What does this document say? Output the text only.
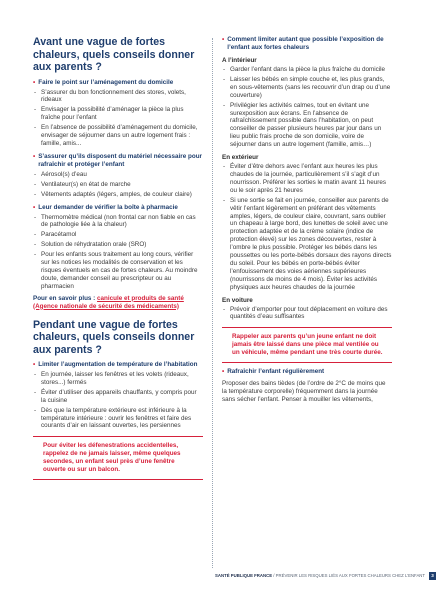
Avant une vague de fortes chaleurs, quels conseils donner aux parents ?
• Faire le point sur l’aménagement du domicile
- S’assurer du bon fonctionnement des stores, volets, rideaux
- Envisager la possibilité d’aménager la pièce la plus fraîche pour l’enfant
- En l’absence de possibilité d’aménagement du domicile, envisager de séjourner dans un autre logement frais : famille, amis...
• S’assurer qu’ils disposent du matériel nécessaire pour rafraîchir et protéger l’enfant
- Aérosol(s) d’eau
- Ventilateur(s) en état de marche
- Vêtements adaptés (légers, amples, de couleur claire)
• Leur demander de vérifier la boîte à pharmacie
- Thermomètre médical (non frontal car non fiable en cas de pathologie liée à la chaleur)
- Paracétamol
- Solution de réhydratation orale (SRO)
- Pour les enfants sous traitement au long cours, vérifier sur les notices les modalités de conservation et les risques éventuels en cas de fortes chaleurs. Au moindre doute, demander conseil au prescripteur ou au pharmacien

Pour en savoir plus : canicule et produits de santé (Agence nationale de sécurité des médicaments)

Pendant une vague de fortes chaleurs, quels conseils donner aux parents ?
• Limiter l’augmentation de température de l’habitation
- En journée, laisser les fenêtres et les volets (rideaux, stores...) fermés
- Éviter d’utiliser des appareils chauffants, y compris pour la cuisine
- Dès que la température extérieure est inférieure à la température intérieure : ouvrir les fenêtres et faire des courants d’air en laissant ouvertes, les persiennes
Pour éviter les défenestrations accidentelles, rappelez de ne jamais laisser, même quelques secondes, un enfant seul près d’une fenêtre ouverte ou sur un balcon.
• Comment limiter autant que possible l’exposition de l’enfant aux fortes chaleurs
A l’intérieur
- Garder l’enfant dans la pièce la plus fraîche du domicile
- Laisser les bébés en simple couche et, les plus grands, en sous-vêtements (sans les recouvrir d’un drap ou d’une couverture)
- Privilégier les activités calmes, tout en évitant une surexposition aux écrans. En l’absence de rafraîchissement possible dans l’habitation, on peut conseiller de passer plusieurs heures par jour dans un lieu public frais proche de son domicile, voire de séjourner dans un autre logement (famille, amis…)
En extérieur
- Éviter d’être dehors avec l’enfant aux heures les plus chaudes de la journée, particulièrement s’il s’agit d’un nourrisson. Préférer les sorties le matin avant 11 heures ou le soir après 21 heures
- Si une sortie se fait en journée, conseiller aux parents de vêtir l’enfant légèrement en préférant des vêtements amples, légers, de couleur claire, couvrant, sans oublier un chapeau à large bord, des lunettes de soleil avec une protection adaptée et de la crème solaire (indice de protection élevé) sur les zones découvertes, rester à l’ombre le plus possible. Protéger les bébés dans les poussettes ou les porte-bébés dorsaux des rayons directs du soleil. Pour les bébés en porte-bébés éviter l’enfouissement des voies aériennes supérieures (nourrissons de moins de 4 mois). Éviter les activités physiques aux heures chaudes de la journée
En voiture
- Prévoir d’emporter pour tout déplacement en voiture des quantités d’eau suffisantes
Rappeler aux parents qu’un jeune enfant ne doit jamais être laissé dans une pièce mal ventilée ou un véhicule, même pendant une très courte durée.
• Rafraîchir l’enfant régulièrement

Proposer des bains tièdes (de l’ordre de 2°C de moins que la température corporelle) fréquemment dans la journée sans sécher l’enfant. Penser à mouiller les vêtements,

SANTÉ PUBLIQUE FRANCE / PRÉVENIR LES RISQUES LIÉS AUX FORTES CHALEURS CHEZ L’ENFANT 3
